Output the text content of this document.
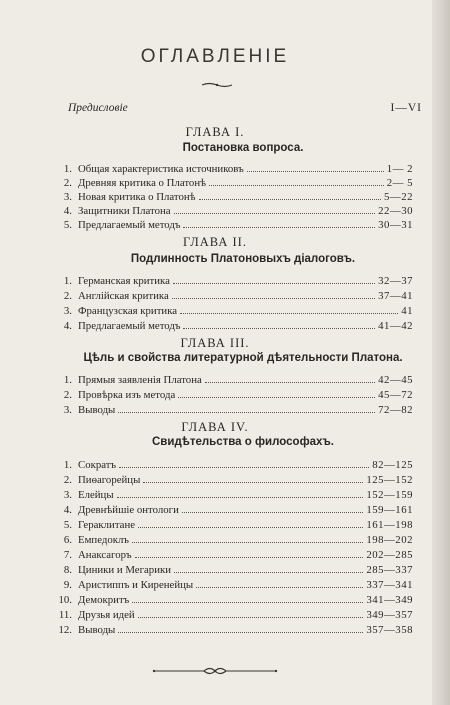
ОГЛАВЛЕНІЕ
Предисловіе	I—VI
ГЛАВА I.
Постановка вопроса.
1. Общая характеристика источниковъ	1— 2
2. Древняя критика о Платонѣ	2— 5
3. Новая критика о Платонѣ	5—22
4. Защитники Платона	22—30
5. Предлагаемый методъ	30—31
ГЛАВА II.
Подлинность Платоновыхъ діалоговъ.
1. Германская критика	32—37
2. Англійская критика	37—41
3. Французская критика	41
4. Предлагаемый методъ	41—42
ГЛАВА III.
Цѣль и свойства литературной дѣятельности Платона.
1. Прямыя заявленія Платона	42—45
2. Провѣрка изъ метода	45—72
3. Выводы	72—82
ГЛАВА IV.
Свидѣтельства о философахъ.
1. Сократъ	82—125
2. Пиѳагорейцы	125—152
3. Елейцы	152—159
4. Древнѣйшіе онтологи	159—161
5. Гераклитане	161—198
6. Емпедоклъ	198—202
7. Анаксагоръ	202—285
8. Циники и Мегарики	285—337
9. Аристиппъ и Киренейцы	337—341
10. Демокритъ	341—349
11. Друзья идей	349—357
12. Выводы	357—358
